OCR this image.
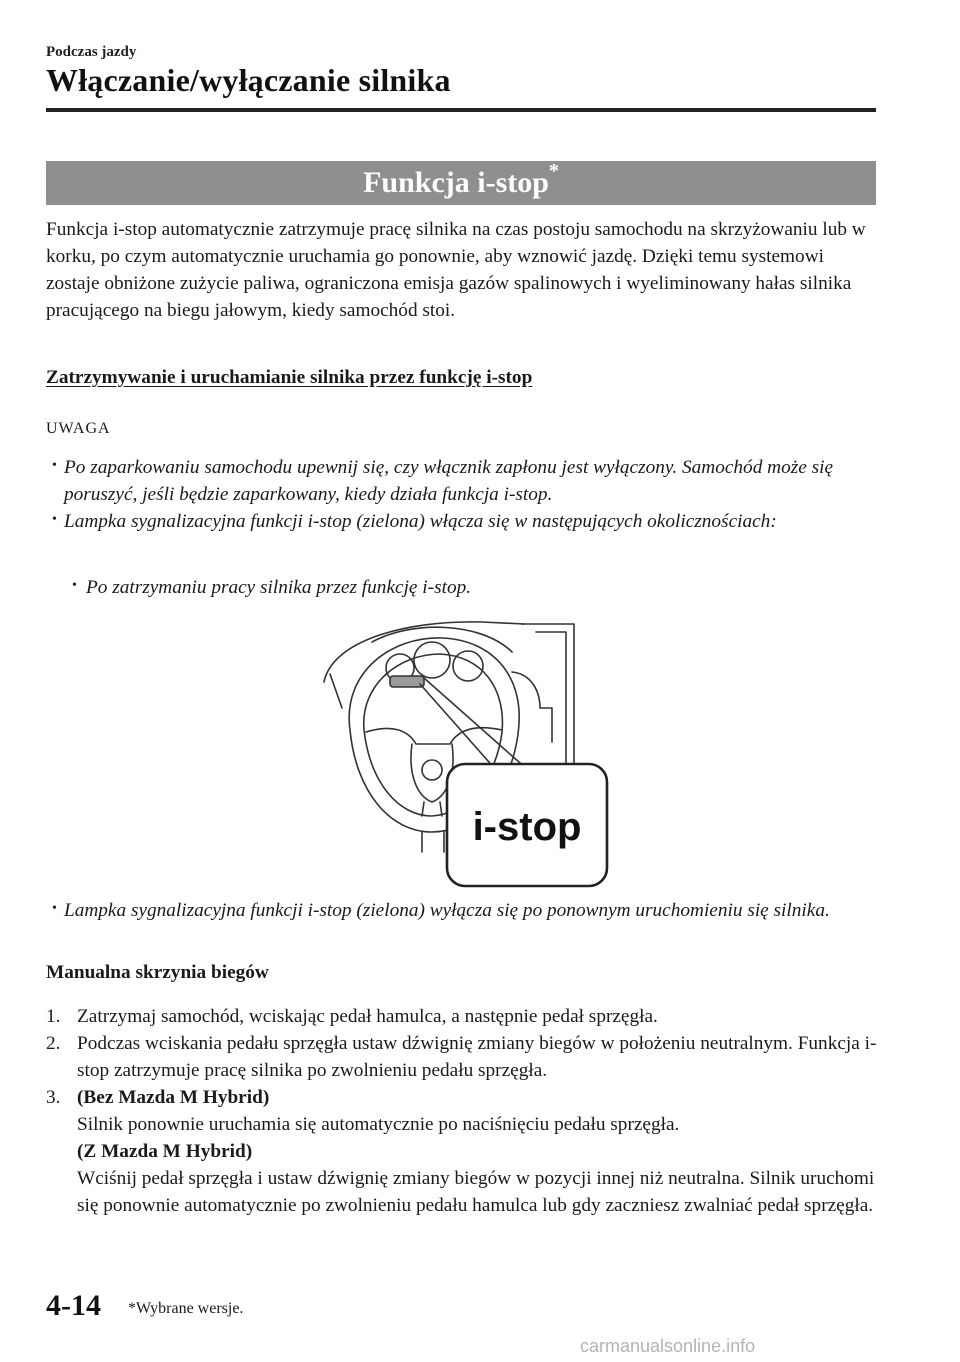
Podczas jazdy
Włączanie/wyłączanie silnika
Funkcja i-stop *
Funkcja i-stop automatycznie zatrzymuje pracę silnika na czas postoju samochodu na skrzyżowaniu lub w korku, po czym automatycznie uruchamia go ponownie, aby wznowić jazdę. Dzięki temu systemowi zostaje obniżone zużycie paliwa, ograniczona emisja gazów spalinowych i wyeliminowany hałas silnika pracującego na biegu jałowym, kiedy samochód stoi.
Zatrzymywanie i uruchamianie silnika przez funkcję i-stop
UWAGA
• Po zaparkowaniu samochodu upewnij się, czy włącznik zapłonu jest wyłączony. Samochód może się poruszyć, jeśli będzie zaparkowany, kiedy działa funkcja i-stop.
• Lampka sygnalizacyjna funkcji i-stop (zielona) włącza się w następujących okolicznościach:
• Po zatrzymaniu pracy silnika przez funkcję i-stop.
i-stop
• Lampka sygnalizacyjna funkcji i-stop (zielona) wyłącza się po ponownym uruchomieniu się silnika.
Manualna skrzynia biegów
1. Zatrzymaj samochód, wciskając pedał hamulca, a następnie pedał sprzęgła.
2. Podczas wciskania pedału sprzęgła ustaw dźwignię zmiany biegów w położeniu neutralnym. Funkcja i-stop zatrzymuje pracę silnika po zwolnieniu pedału sprzęgła.
3. (Bez Mazda M Hybrid)
Silnik ponownie uruchamia się automatycznie po naciśnięciu pedału sprzęgła.
(Z Mazda M Hybrid)
Wciśnij pedał sprzęgła i ustaw dźwignię zmiany biegów w pozycji innej niż neutralna. Silnik uruchomi się ponownie automatycznie po zwolnieniu pedału hamulca lub gdy zaczniesz zwalniać pedał sprzęgła.
4-14 *Wybrane wersje.
carmanualsonline.info
